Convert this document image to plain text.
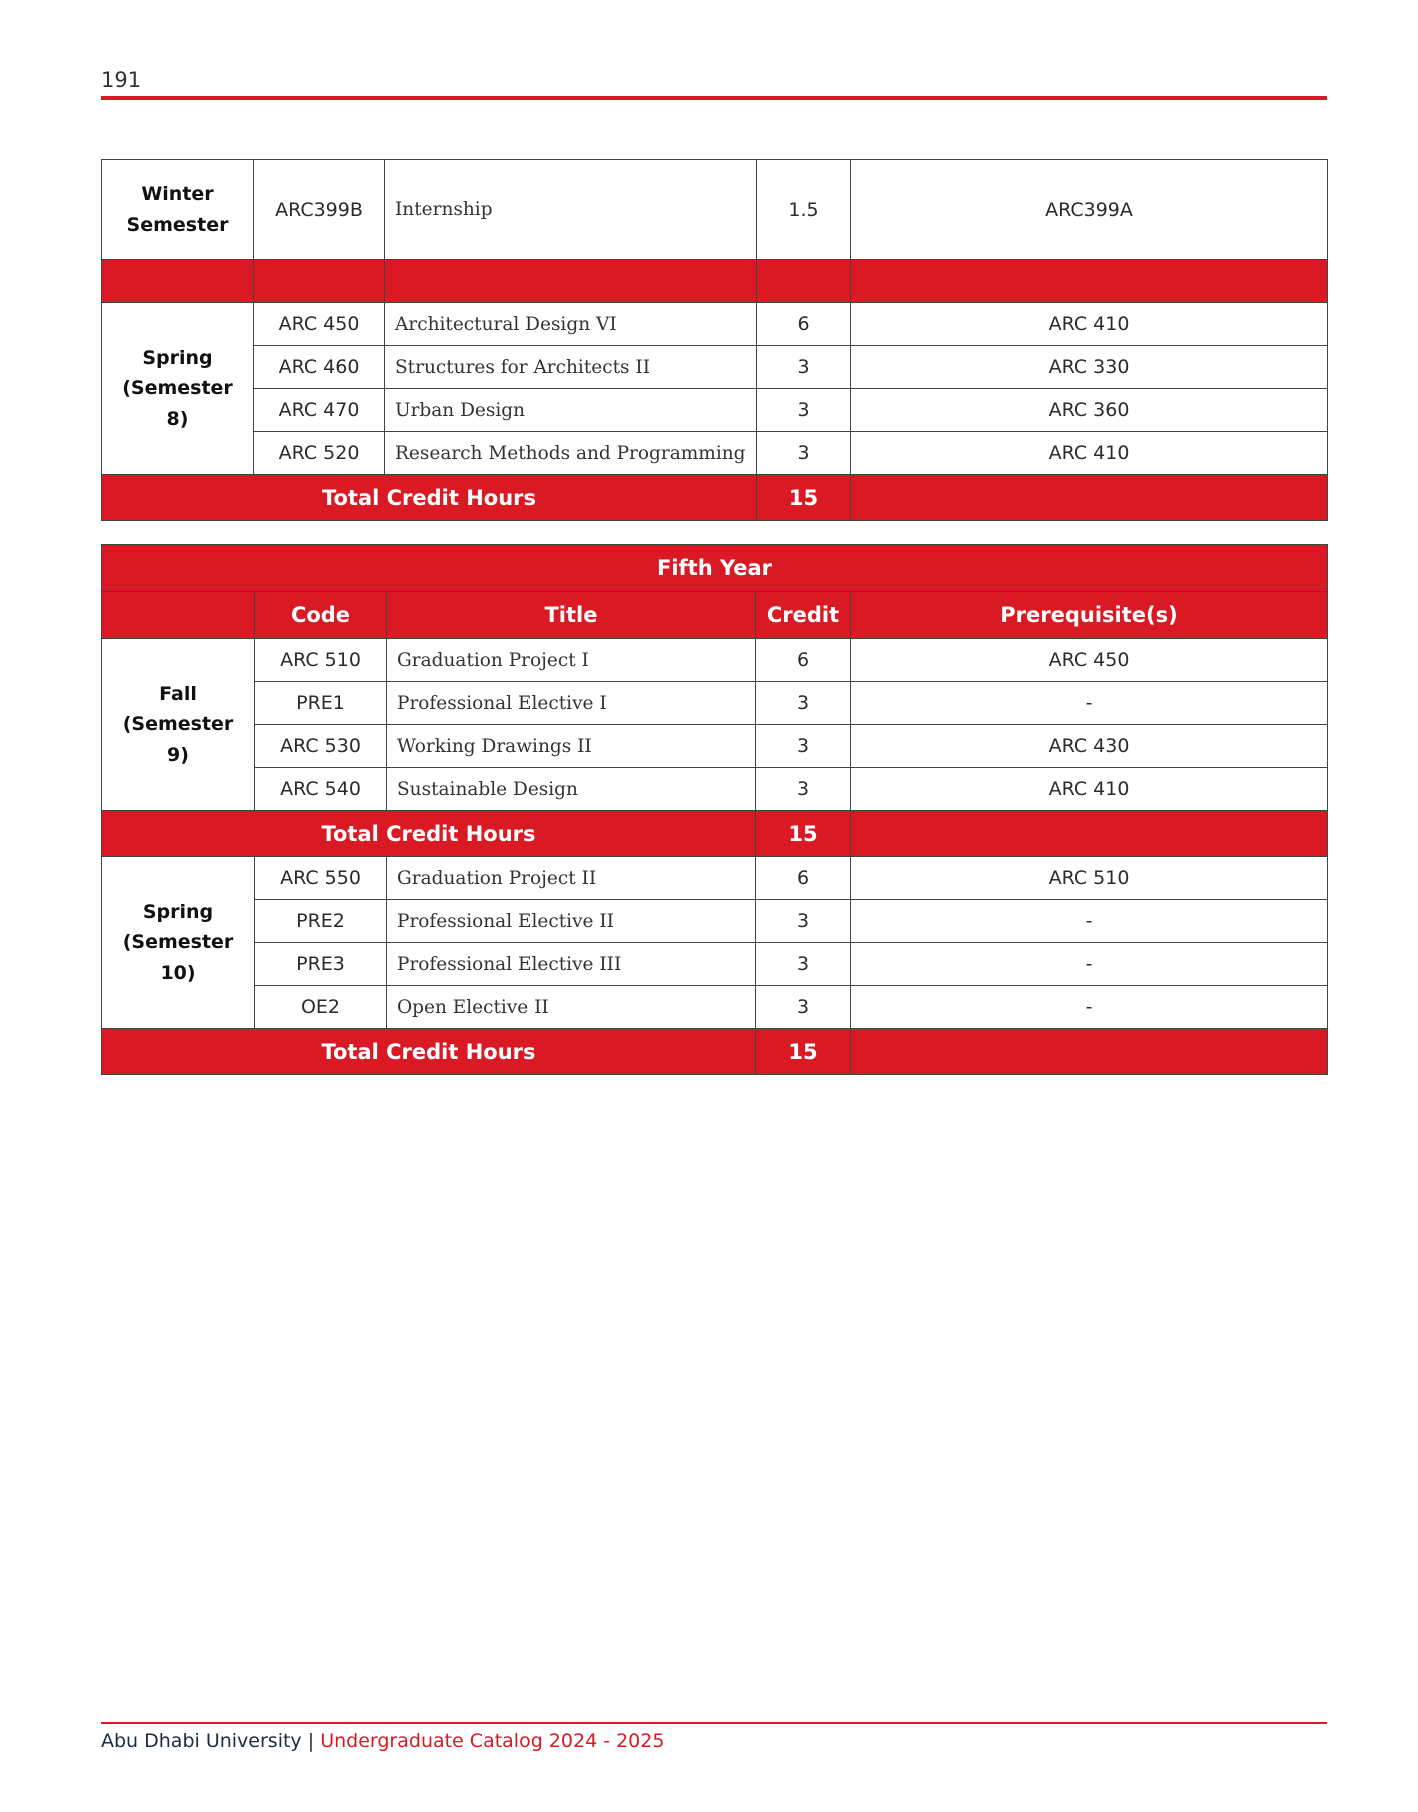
191
Winter Semester	ARC399B	Internship	1.5	ARC399A

Spring
(Semester 8)	ARC 450	Architectural Design VI	6	ARC 410
	ARC 460	Structures for Architects II	3	ARC 330
	ARC 470	Urban Design	3	ARC 360
	ARC 520	Research Methods and Programming	3	ARC 410
Total Credit Hours			15	
Fifth Year				
	Code	Title	Credit	Prerequisite(s)

Fall
(Semester 9)	ARC 510	Graduation Project I	6	ARC 450
	PRE1	Professional Elective I	3	-
	ARC 530	Working Drawings II	3	ARC 430
	ARC 540	Sustainable Design	3	ARC 410
Total Credit Hours			15	

Spring
(Semester 10)	ARC 550	Graduation Project II	6	ARC 510
	PRE2	Professional Elective II	3	-
	PRE3	Professional Elective III	3	-
	OE2	Open Elective II	3	-
Total Credit Hours			15	
Abu Dhabi University | Undergraduate Catalog 2024 - 2025
